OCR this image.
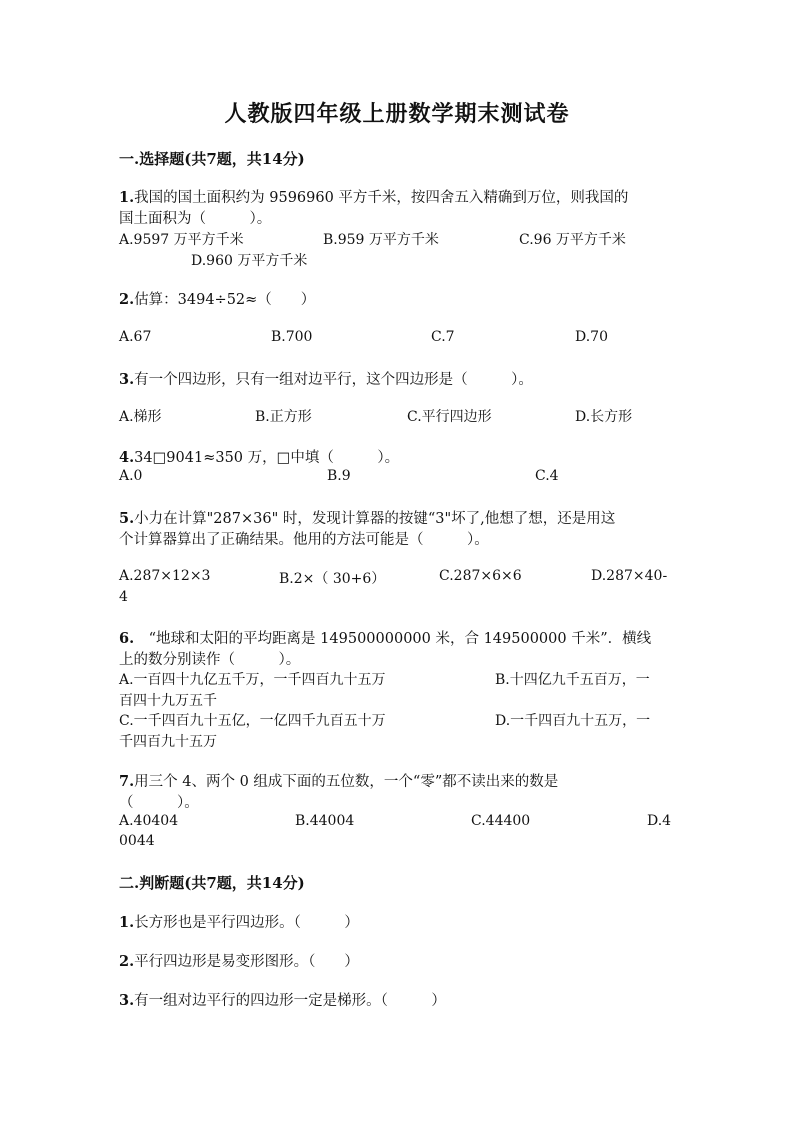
人教版四年级上册数学期末测试卷
一.选择题(共7题，共14分)
1.我国的国土面积约为 9596960 平方千米，按四舍五入精确到万位，则我国的
国土面积为（　　　）。
A.9597 万平方千米	B.959 万平方千米	C.96 万平方千米
D.960 万平方千米
2.估算：3494÷52≈（　　）
A.67	B.700	C.7	D.70
3.有一个四边形，只有一组对边平行，这个四边形是（　　　）。
A.梯形	B.正方形	C.平行四边形	D.长方形
4.34□9041≈350 万，□中填（　　　）。
A.0	B.9	C.4
5.小力在计算"287×36" 时，发现计算器的按键“3"坏了,他想了想，还是用这
个计算器算出了正确结果。他用的方法可能是（　　　）。
A.287×12×3	B.2×（ 30+6）	C.287×6×6	D.287×40-
4
6.　“地球和太阳的平均距离是 149500000000 米，合 149500000 千米”．横线
上的数分别读作（　　　）。
A.一百四十九亿五千万，一千四百九十五万	B.十四亿九千五百万，一
百四十九万五千
C.一千四百九十五亿，一亿四千九百五十万	D.一千四百九十五万，一
千四百九十五万
7.用三个 4、两个 0 组成下面的五位数，一个“零”都不读出来的数是
（　　　）。
A.40404	B.44004	C.44400	D.4
0044
二.判断题(共7题，共14分)
1.长方形也是平行四边形。（　　　）
2.平行四边形是易变形图形。（　　）
3.有一组对边平行的四边形一定是梯形。（　　　）
